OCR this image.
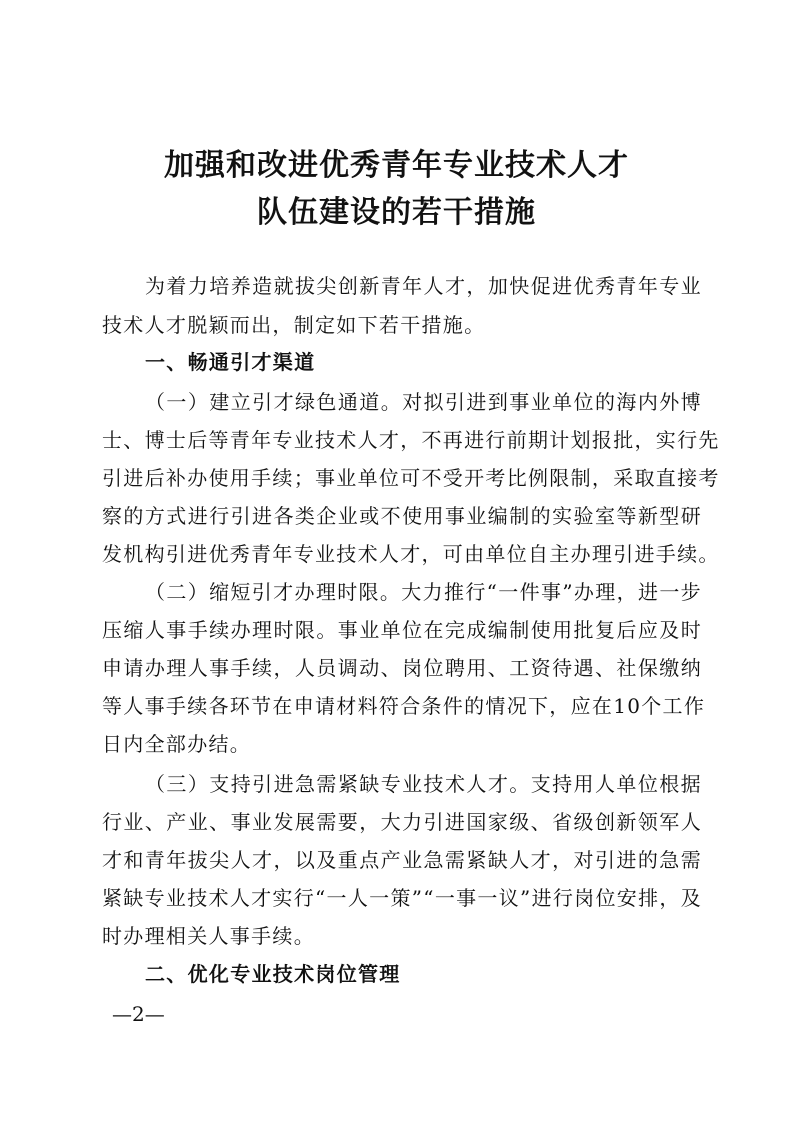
加强和改进优秀青年专业技术人才
队伍建设的若干措施
为着力培养造就拔尖创新青年人才，加快促进优秀青年专业
技术人才脱颖而出，制定如下若干措施。
一、畅通引才渠道
（一）建立引才绿色通道。对拟引进到事业单位的海内外博
士、博士后等青年专业技术人才，不再进行前期计划报批，实行先
引进后补办使用手续；事业单位可不受开考比例限制，采取直接考
察的方式进行引进各类企业或不使用事业编制的实验室等新型研
发机构引进优秀青年专业技术人才，可由单位自主办理引进手续。
（二）缩短引才办理时限。大力推行“一件事”办理，进一步
压缩人事手续办理时限。事业单位在完成编制使用批复后应及时
申请办理人事手续，人员调动、岗位聘用、工资待遇、社保缴纳
等人事手续各环节在申请材料符合条件的情况下，应在10个工作
日内全部办结。
（三）支持引进急需紧缺专业技术人才。支持用人单位根据
行业、产业、事业发展需要，大力引进国家级、省级创新领军人
才和青年拔尖人才，以及重点产业急需紧缺人才，对引进的急需
紧缺专业技术人才实行“一人一策”“一事一议”进行岗位安排，及
时办理相关人事手续。
二、优化专业技术岗位管理
—2—
